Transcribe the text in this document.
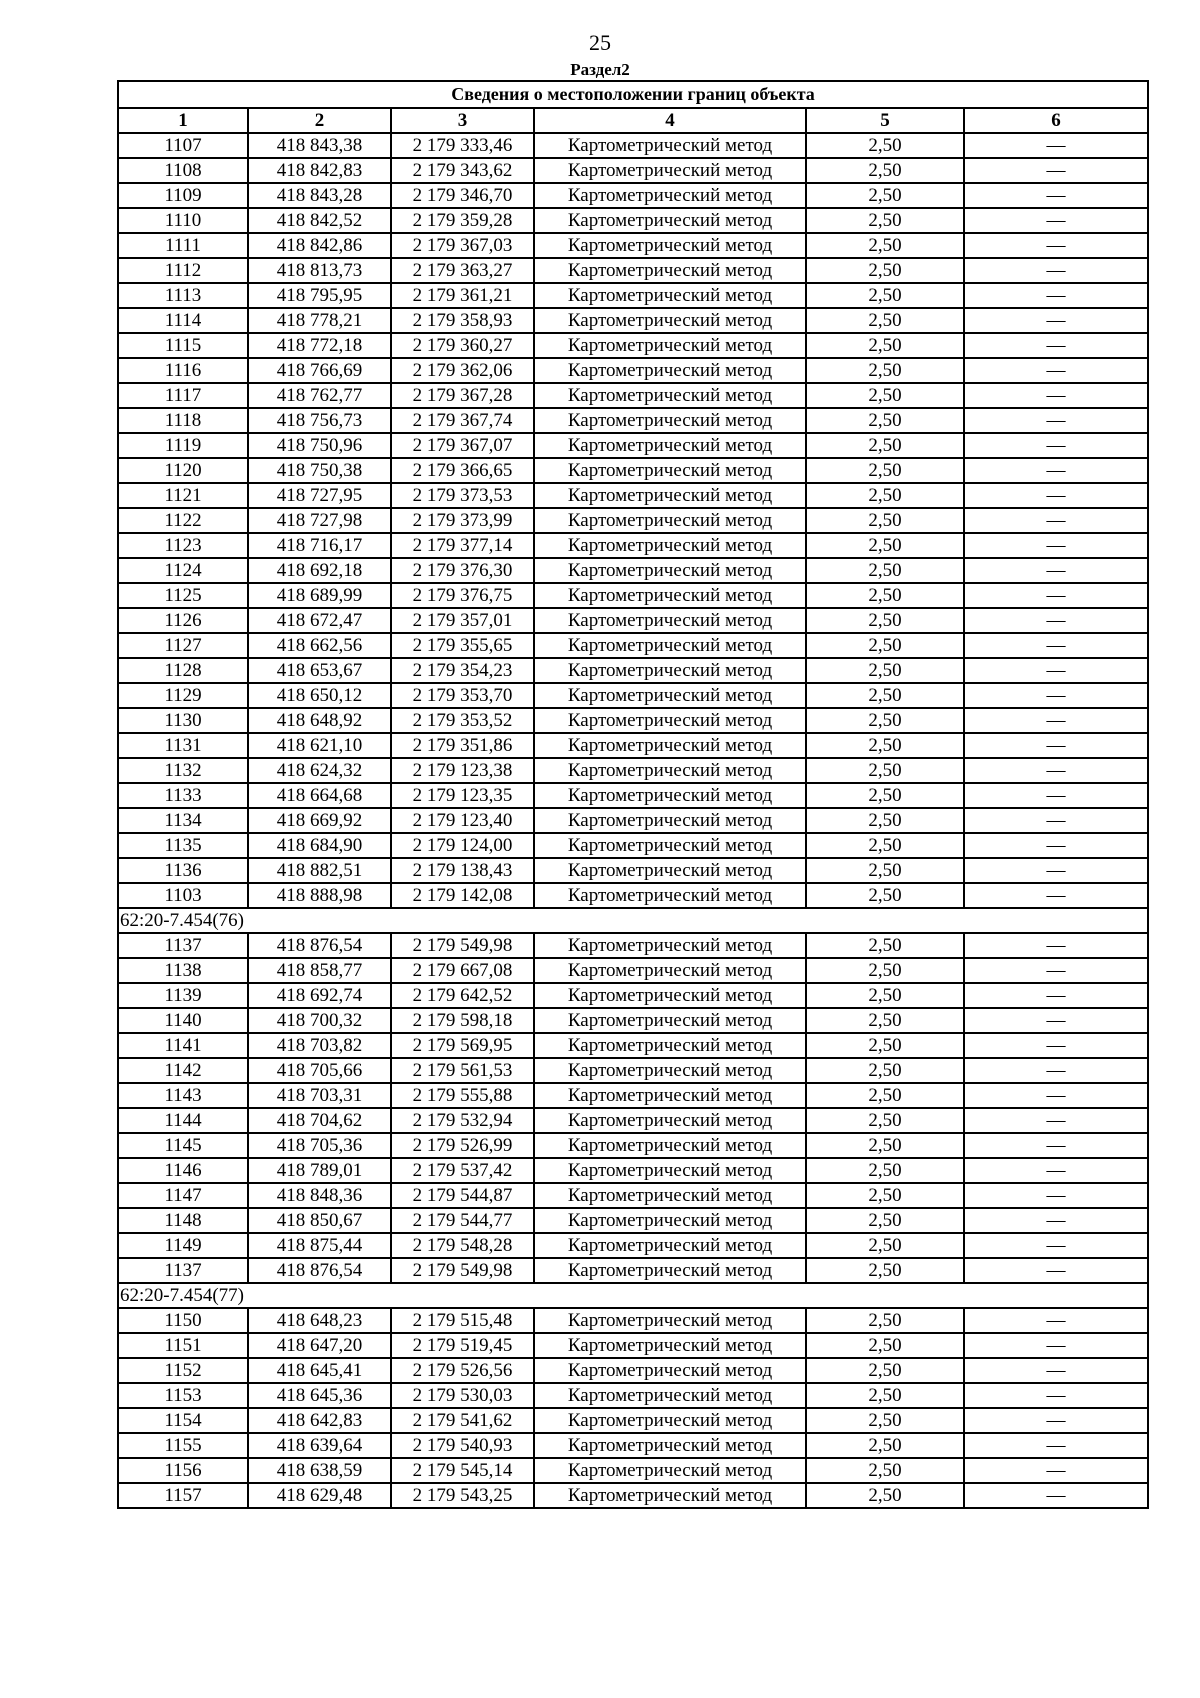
25
Раздел2
Сведения о местоположении границ объекта					
1	2	3	4	5	6
1107	418 843,38	2 179 333,46	Картометрический метод	2,50	—
1108	418 842,83	2 179 343,62	Картометрический метод	2,50	—
1109	418 843,28	2 179 346,70	Картометрический метод	2,50	—
1110	418 842,52	2 179 359,28	Картометрический метод	2,50	—
1111	418 842,86	2 179 367,03	Картометрический метод	2,50	—
1112	418 813,73	2 179 363,27	Картометрический метод	2,50	—
1113	418 795,95	2 179 361,21	Картометрический метод	2,50	—
1114	418 778,21	2 179 358,93	Картометрический метод	2,50	—
1115	418 772,18	2 179 360,27	Картометрический метод	2,50	—
1116	418 766,69	2 179 362,06	Картометрический метод	2,50	—
1117	418 762,77	2 179 367,28	Картометрический метод	2,50	—
1118	418 756,73	2 179 367,74	Картометрический метод	2,50	—
1119	418 750,96	2 179 367,07	Картометрический метод	2,50	—
1120	418 750,38	2 179 366,65	Картометрический метод	2,50	—
1121	418 727,95	2 179 373,53	Картометрический метод	2,50	—
1122	418 727,98	2 179 373,99	Картометрический метод	2,50	—
1123	418 716,17	2 179 377,14	Картометрический метод	2,50	—
1124	418 692,18	2 179 376,30	Картометрический метод	2,50	—
1125	418 689,99	2 179 376,75	Картометрический метод	2,50	—
1126	418 672,47	2 179 357,01	Картометрический метод	2,50	—
1127	418 662,56	2 179 355,65	Картометрический метод	2,50	—
1128	418 653,67	2 179 354,23	Картометрический метод	2,50	—
1129	418 650,12	2 179 353,70	Картометрический метод	2,50	—
1130	418 648,92	2 179 353,52	Картометрический метод	2,50	—
1131	418 621,10	2 179 351,86	Картометрический метод	2,50	—
1132	418 624,32	2 179 123,38	Картометрический метод	2,50	—
1133	418 664,68	2 179 123,35	Картометрический метод	2,50	—
1134	418 669,92	2 179 123,40	Картометрический метод	2,50	—
1135	418 684,90	2 179 124,00	Картометрический метод	2,50	—
1136	418 882,51	2 179 138,43	Картометрический метод	2,50	—
1103	418 888,98	2 179 142,08	Картометрический метод	2,50	—
62:20-7.454(76)					
1137	418 876,54	2 179 549,98	Картометрический метод	2,50	—
1138	418 858,77	2 179 667,08	Картометрический метод	2,50	—
1139	418 692,74	2 179 642,52	Картометрический метод	2,50	—
1140	418 700,32	2 179 598,18	Картометрический метод	2,50	—
1141	418 703,82	2 179 569,95	Картометрический метод	2,50	—
1142	418 705,66	2 179 561,53	Картометрический метод	2,50	—
1143	418 703,31	2 179 555,88	Картометрический метод	2,50	—
1144	418 704,62	2 179 532,94	Картометрический метод	2,50	—
1145	418 705,36	2 179 526,99	Картометрический метод	2,50	—
1146	418 789,01	2 179 537,42	Картометрический метод	2,50	—
1147	418 848,36	2 179 544,87	Картометрический метод	2,50	—
1148	418 850,67	2 179 544,77	Картометрический метод	2,50	—
1149	418 875,44	2 179 548,28	Картометрический метод	2,50	—
1137	418 876,54	2 179 549,98	Картометрический метод	2,50	—
62:20-7.454(77)					
1150	418 648,23	2 179 515,48	Картометрический метод	2,50	—
1151	418 647,20	2 179 519,45	Картометрический метод	2,50	—
1152	418 645,41	2 179 526,56	Картометрический метод	2,50	—
1153	418 645,36	2 179 530,03	Картометрический метод	2,50	—
1154	418 642,83	2 179 541,62	Картометрический метод	2,50	—
1155	418 639,64	2 179 540,93	Картометрический метод	2,50	—
1156	418 638,59	2 179 545,14	Картометрический метод	2,50	—
1157	418 629,48	2 179 543,25	Картометрический метод	2,50	—
